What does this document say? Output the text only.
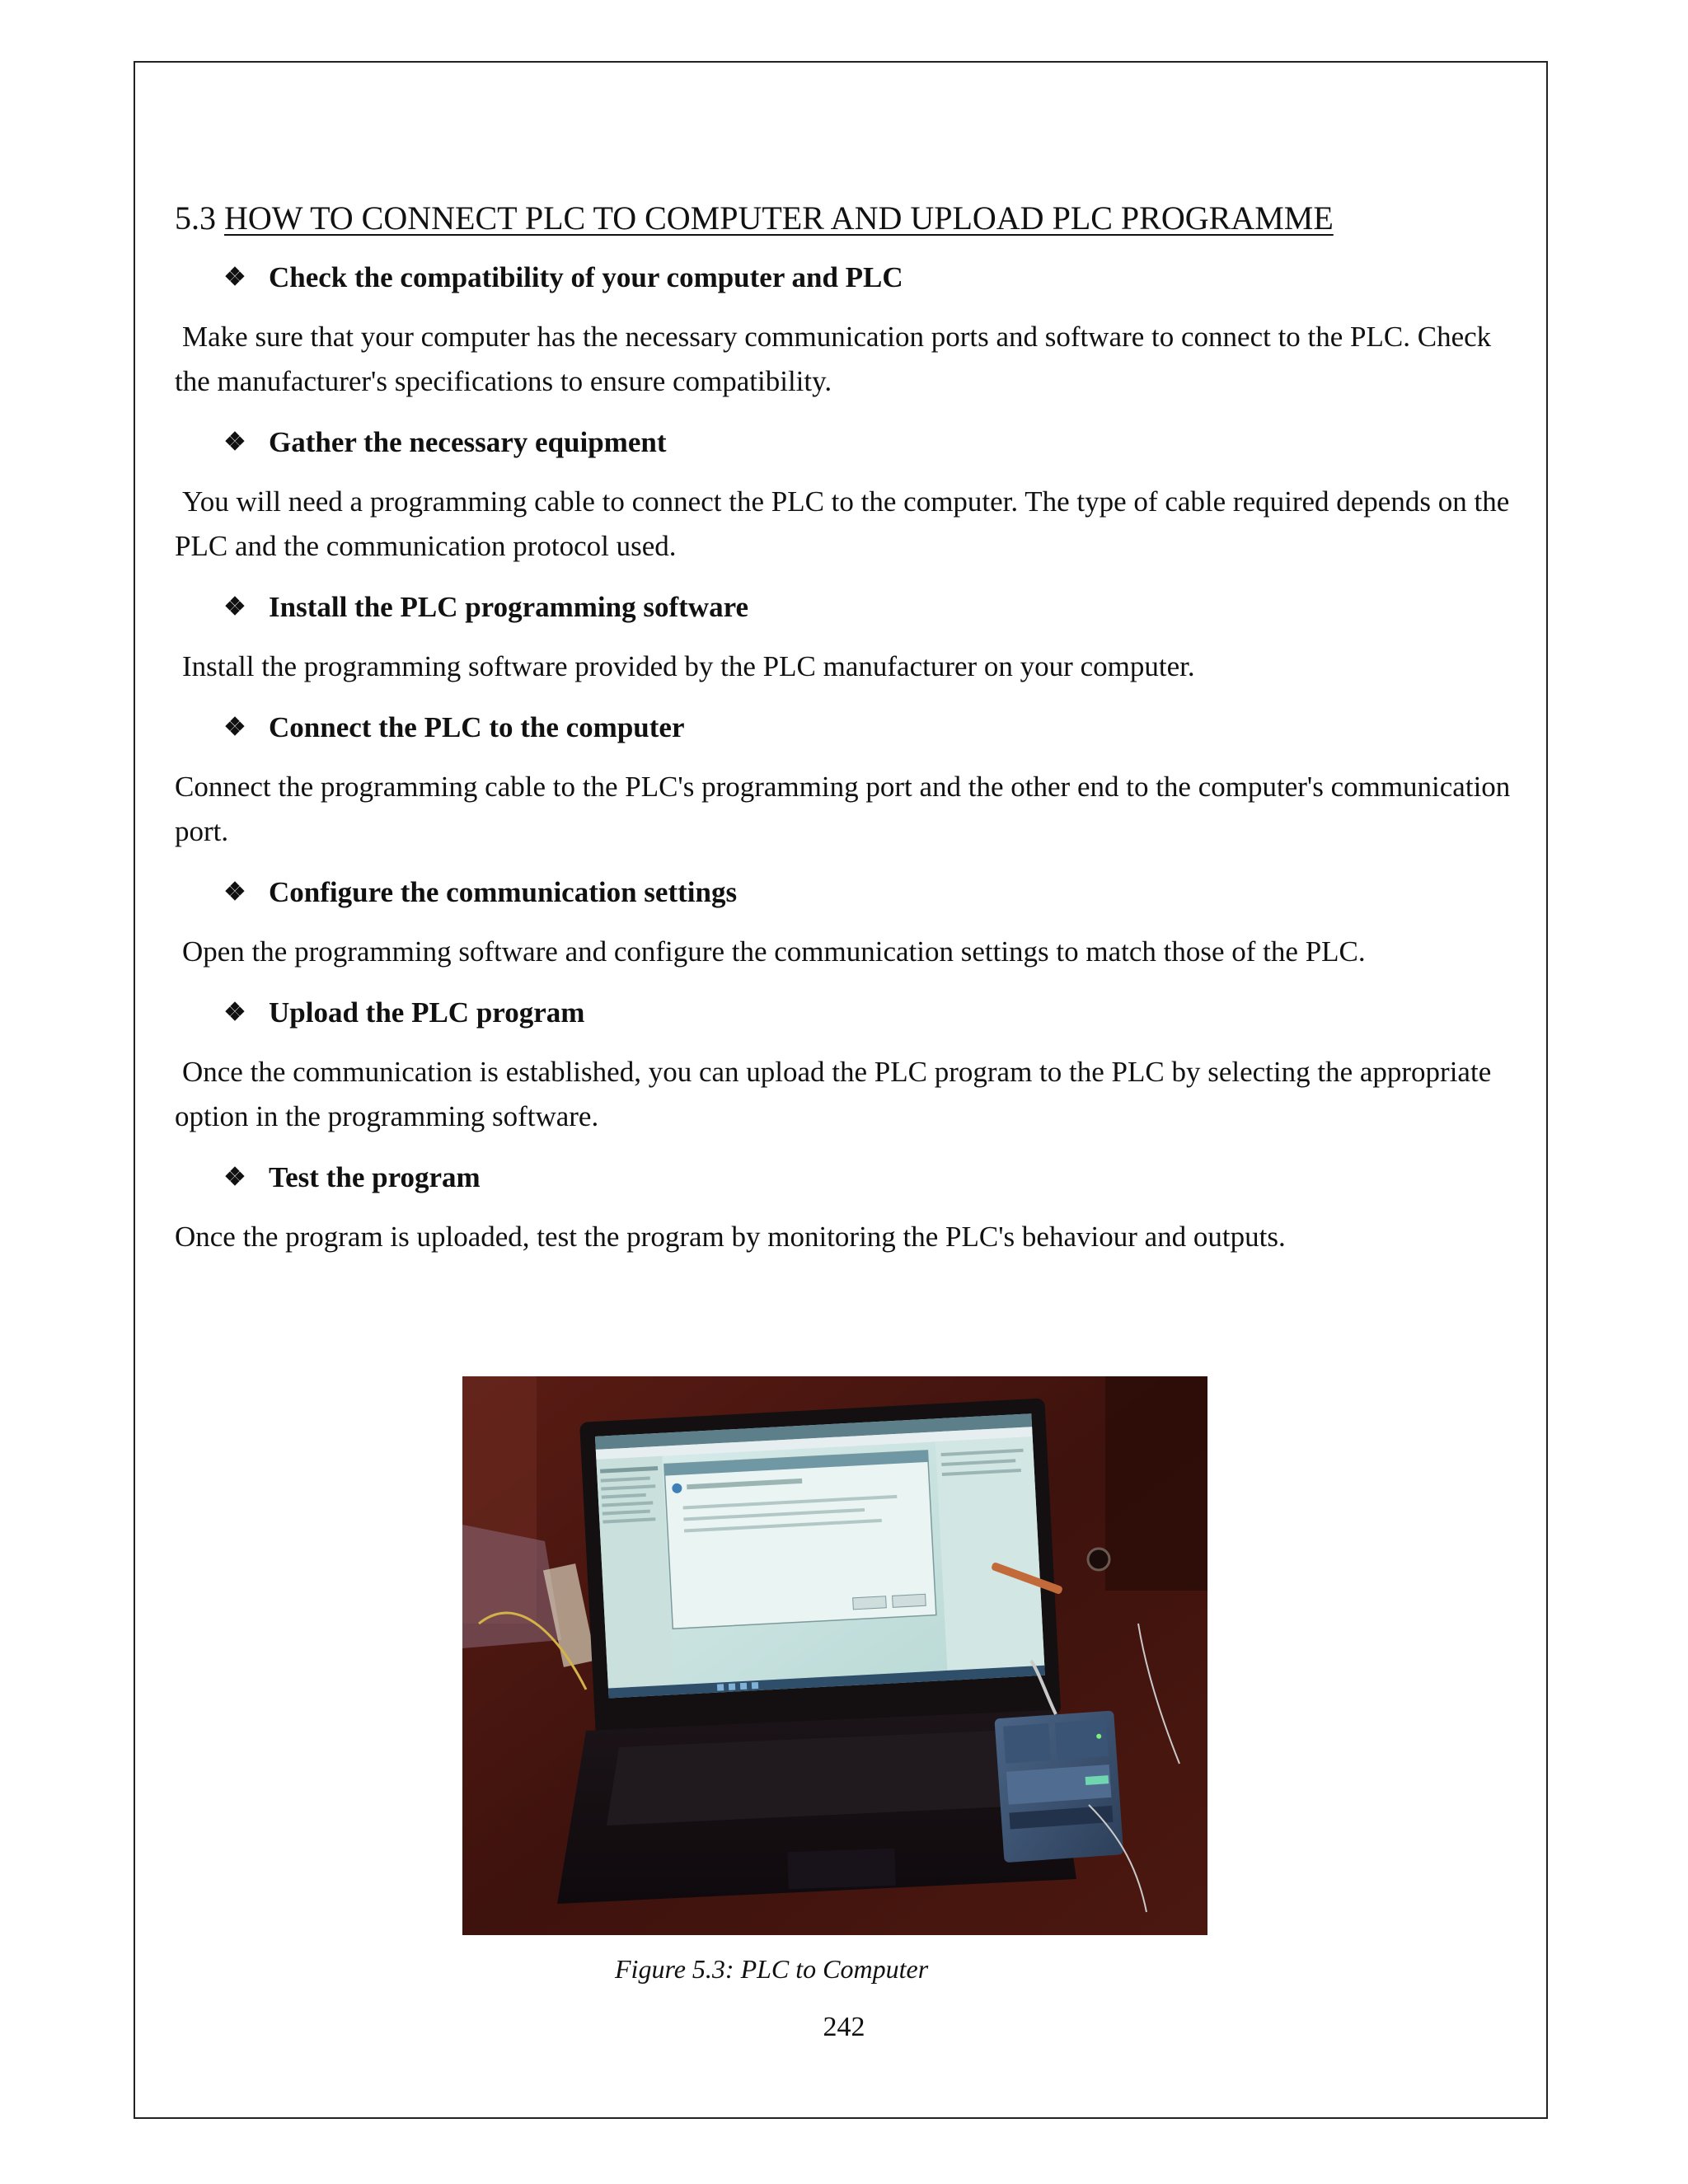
5.3 HOW TO CONNECT PLC TO COMPUTER AND UPLOAD PLC PROGRAMME
❖ Check the compatibility of your computer and PLC

Make sure that your computer has the necessary communication ports and software to connect to the PLC. Check the manufacturer's specifications to ensure compatibility.

❖ Gather the necessary equipment

You will need a programming cable to connect the PLC to the computer. The type of cable required depends on the PLC and the communication protocol used.

❖ Install the PLC programming software

Install the programming software provided by the PLC manufacturer on your computer.

❖ Connect the PLC to the computer

Connect the programming cable to the PLC's programming port and the other end to the computer's communication port.

❖ Configure the communication settings

Open the programming software and configure the communication settings to match those of the PLC.

❖ Upload the PLC program

Once the communication is established, you can upload the PLC program to the PLC by selecting the appropriate option in the programming software.

❖ Test the program

Once the program is uploaded, test the program by monitoring the PLC's behaviour and outputs.

Figure 5.3: PLC to Computer
242
